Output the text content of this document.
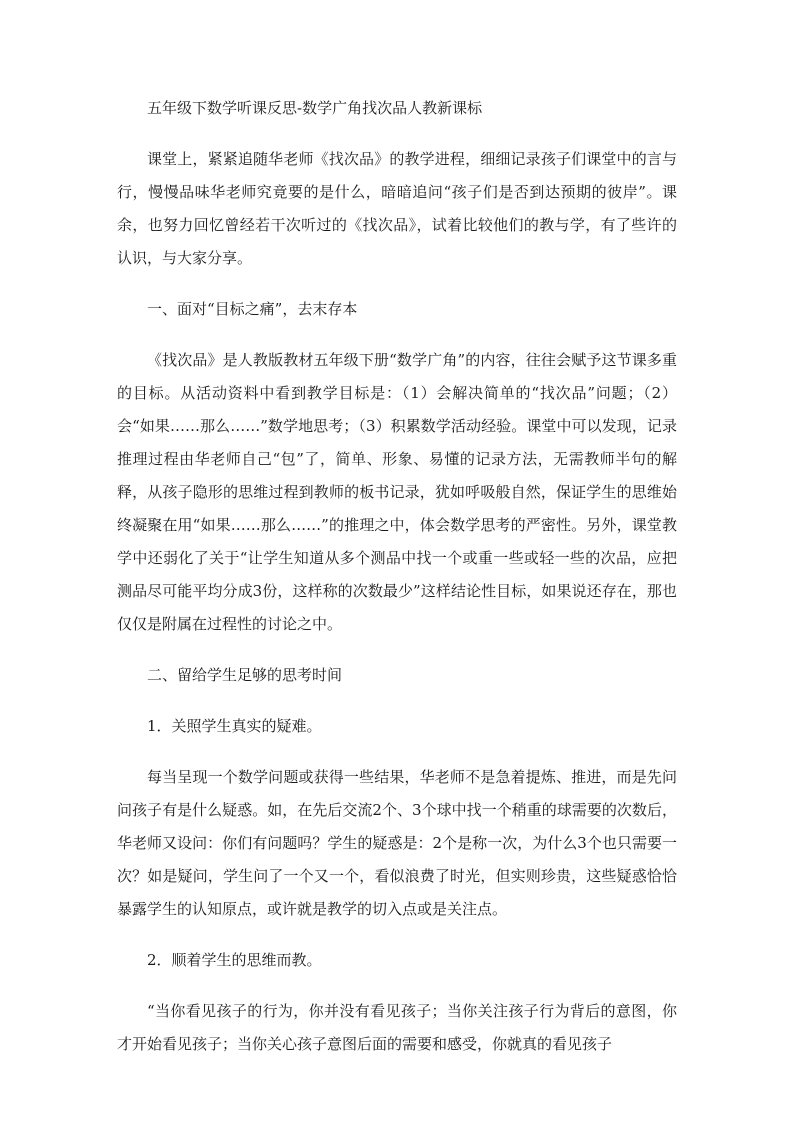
五年级下数学听课反思-数学广角找次品人教新课标

课堂上，紧紧追随华老师《找次品》的教学进程，细细记录孩子们课堂中的言与行，慢慢品味华老师究竟要的是什么，暗暗追问“孩子们是否到达预期的彼岸”。课余，也努力回忆曾经若干次听过的《找次品》，试着比较他们的教与学，有了些许的认识，与大家分享。

一、面对“目标之痛”，去末存本

《找次品》是人教版教材五年级下册“数学广角”的内容，往往会赋予这节课多重的目标。从活动资料中看到教学目标是：（1）会解决简单的“找次品”问题；（2）会“如果……那么……”数学地思考；（3）积累数学活动经验。课堂中可以发现，记录推理过程由华老师自己“包”了，简单、形象、易懂的记录方法，无需教师半句的解释，从孩子隐形的思维过程到教师的板书记录，犹如呼吸般自然，保证学生的思维始终凝聚在用“如果……那么……”的推理之中，体会数学思考的严密性。另外，课堂教学中还弱化了关于“让学生知道从多个测品中找一个或重一些或轻一些的次品，应把测品尽可能平均分成3份，这样称的次数最少”这样结论性目标，如果说还存在，那也仅仅是附属在过程性的讨论之中。

二、留给学生足够的思考时间

1．关照学生真实的疑难。

每当呈现一个数学问题或获得一些结果，华老师不是急着提炼、推进，而是先问问孩子有是什么疑惑。如，在先后交流2个、3个球中找一个稍重的球需要的次数后，华老师又设问：你们有问题吗？学生的疑惑是：2个是称一次，为什么3个也只需要一次？如是疑问，学生问了一个又一个，看似浪费了时光，但实则珍贵，这些疑惑恰恰暴露学生的认知原点，或许就是教学的切入点或是关注点。

2．顺着学生的思维而教。

“当你看见孩子的行为，你并没有看见孩子；当你关注孩子行为背后的意图，你才开始看见孩子；当你关心孩子意图后面的需要和感受，你就真的看见孩子
